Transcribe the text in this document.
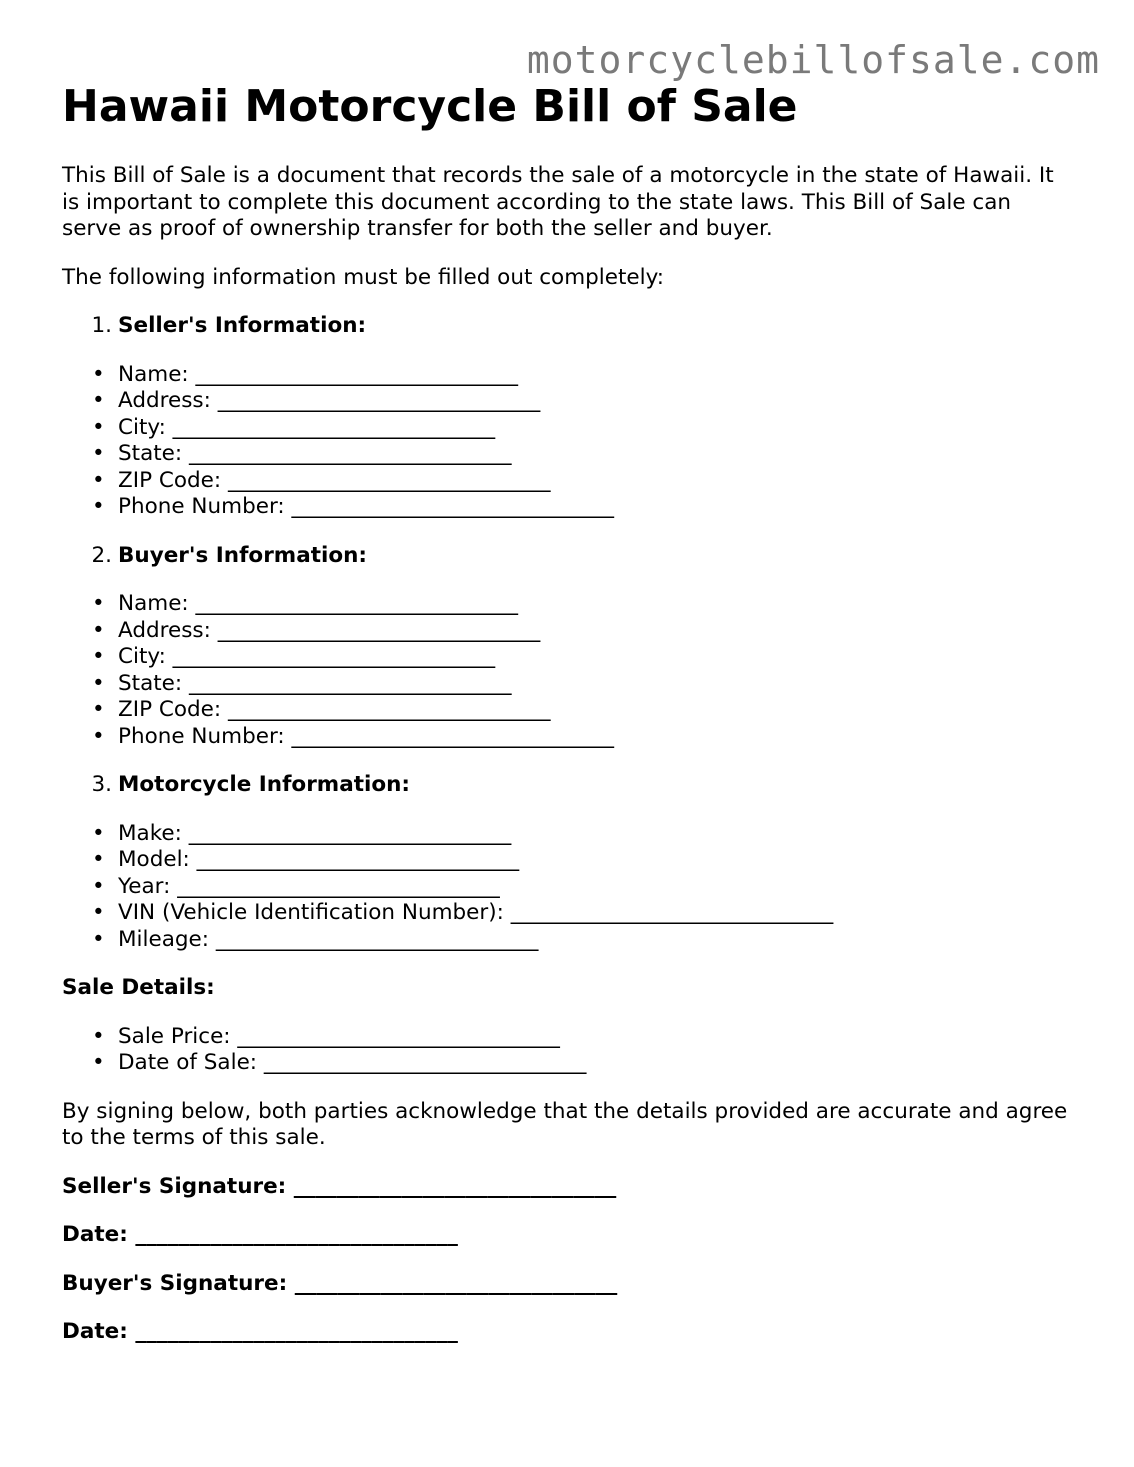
motorcyclebillofsale.com
Hawaii Motorcycle Bill of Sale

This Bill of Sale is a document that records the sale of a motorcycle in the state of Hawaii. It is important to complete this document according to the state laws. This Bill of Sale can serve as proof of ownership transfer for both the seller and buyer.

The following information must be filled out completely:

1. Seller's Information:
• Name:
______________________________
• Address:
______________________________
• City:
______________________________
• State:
______________________________
• ZIP Code:
______________________________
• Phone Number:
______________________________
2. Buyer's Information:
• Name:
______________________________
• Address:
______________________________
• City:
______________________________
• State:
______________________________
• ZIP Code:
______________________________
• Phone Number:
______________________________
3. Motorcycle Information:
• Make:
______________________________
• Model:
______________________________
• Year:
______________________________
• VIN (Vehicle Identification Number):
______________________________
• Mileage:
______________________________

Sale Details:

• Sale Price:
______________________________
• Date of Sale:
______________________________

By signing below, both parties acknowledge that the details provided are accurate and agree to the terms of this sale.

Seller's Signature: ______________________________

Date: ______________________________

Buyer's Signature: ______________________________

Date: ______________________________
